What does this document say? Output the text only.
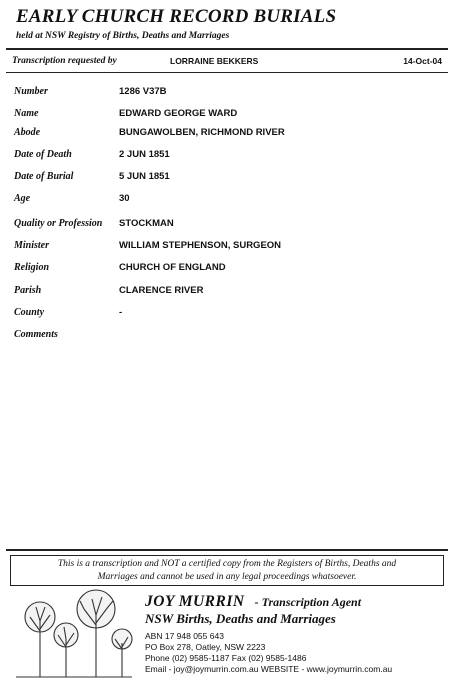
EARLY CHURCH RECORD BURIALS
held at NSW Registry of Births, Deaths and Marriages
Transcription requested by	LORRAINE BEKKERS	14-Oct-04
Number	1286 V37B
Name	EDWARD GEORGE WARD
Abode	BUNGAWOLBEN, RICHMOND RIVER
Date of Death	2 JUN 1851
Date of Burial	5 JUN 1851
Age	30
Quality or Profession STOCKMAN
Minister	WILLIAM STEPHENSON, SURGEON
Religion	CHURCH OF ENGLAND
Parish	CLARENCE RIVER
County	-
Comments
This is a transcription and NOT a certified copy from the Registers of Births, Deaths and
Marriages and cannot be used in any legal proceedings whatsoever.
JOY MURRIN - Transcription Agent
NSW Births, Deaths and Marriages
ABN 17 948 055 643
PO Box 278, Oatley, NSW 2223
Phone (02) 9585-1187 Fax (02) 9585-1486
Email - joy@joymurrin.com.au WEBSITE - www.joymurrin.com.au
